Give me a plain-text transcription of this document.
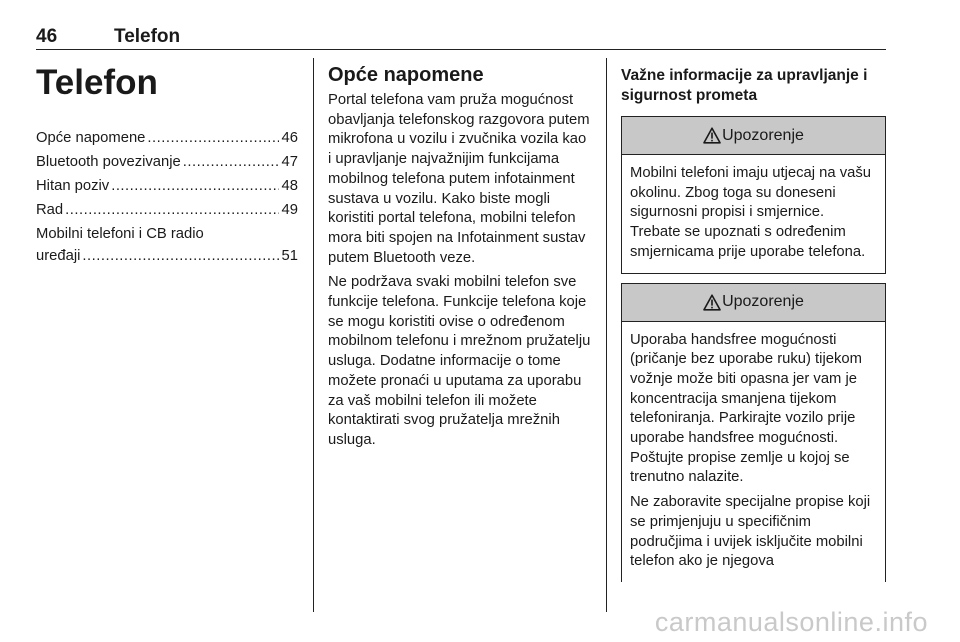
46	Telefon
Telefon
Opće napomene .....	46
Bluetooth povezivanje .....	47
Hitan poziv .....	48
Rad .....	49
Mobilni telefoni i CB radio
uređaji .....	51
Opće napomene

Portal telefona vam pruža mogućnost obavljanja telefonskog razgovora putem mikrofona u vozilu i zvučnika vozila kao i upravljanje najvažnijim funkcijama mobilnog telefona putem infotainment sustava u vozilu. Kako biste mogli koristiti portal telefona, mobilni telefon mora biti spojen na Infotainment sustav putem Bluetooth veze.

Ne podržava svaki mobilni telefon sve funkcije telefona. Funkcije telefona koje se mogu koristiti ovise o određenom mobilnom telefonu i mrežnom pružatelju usluga. Dodatne informacije o tome možete pronaći u uputama za uporabu za vaš mobilni telefon ili možete kontaktirati svog pružatelja mrežnih usluga.

Važne informacije za upravljanje i sigurnost prometa
Upozorenje

Mobilni telefoni imaju utjecaj na vašu okolinu. Zbog toga su doneseni sigurnosni propisi i smjernice. Trebate se upoznati s određenim smjernicama prije uporabe telefona.

Upozorenje

Uporaba handsfree mogućnosti (pričanje bez uporabe ruku) tijekom vožnje može biti opasna jer vam je koncentracija smanjena tijekom telefoniranja. Parkirajte vozilo prije uporabe handsfree mogućnosti. Poštujte propise zemlje u kojoj se trenutno nalazite.

Ne zaboravite specijalne propise koji se primjenjuju u specifičnim područjima i uvijek isključite mobilni telefon ako je njegova

carmanualsonline.info
